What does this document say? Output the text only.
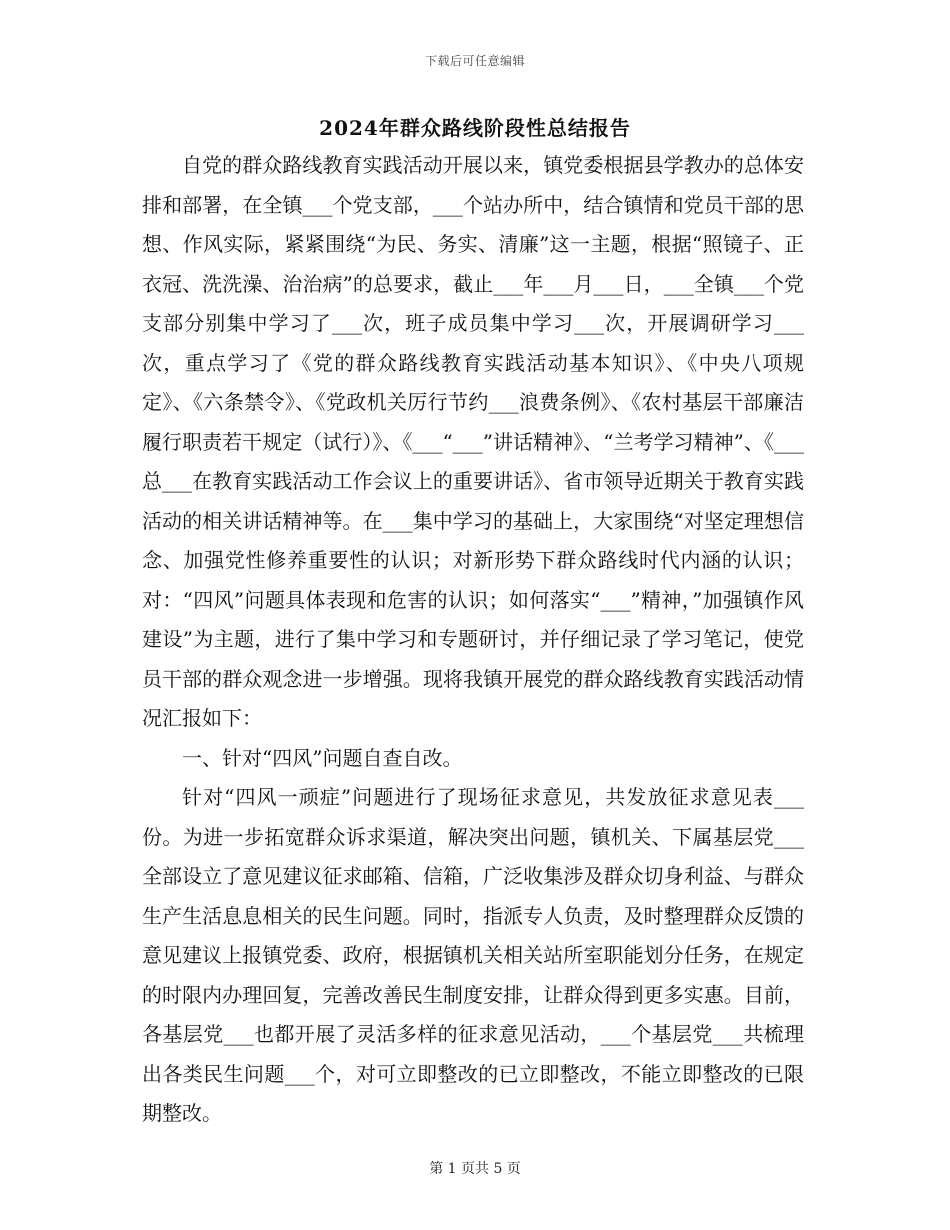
下载后可任意编辑
2024年群众路线阶段性总结报告

自党的群众路线教育实践活动开展以来，镇党委根据县学教办的总体安排和部署，在全镇___个党支部，___个站办所中，结合镇情和党员干部的思想、作风实际，紧紧围绕“为民、务实、清廉”这一主题，根据“照镜子、正衣冠、洗洗澡、治治病”的总要求，截止___年___月___日，___全镇___个党支部分别集中学习了___次，班子成员集中学习___次，开展调研学习___次，重点学习了《党的群众路线教育实践活动基本知识》、《中央八项规定》、《六条禁令》、《党政机关厉行节约___浪费条例》、《农村基层干部廉洁履行职责若干规定（试行）》、《___“___”讲话精神》、“兰考学习精神”、《___总___在教育实践活动工作会议上的重要讲话》、省市领导近期关于教育实践活动的相关讲话精神等。在___集中学习的基础上，大家围绕“对坚定理想信念、加强党性修养重要性的认识；对新形势下群众路线时代内涵的认识；对：“四风”问题具体表现和危害的认识；如何落实“___”精神，”加强镇作风建设”为主题，进行了集中学习和专题研讨，并仔细记录了学习笔记，使党员干部的群众观念进一步增强。现将我镇开展党的群众路线教育实践活动情况汇报如下：

一、针对“四风”问题自查自改。

针对“四风一顽症”问题进行了现场征求意见，共发放征求意见表___份。为进一步拓宽群众诉求渠道，解决突出问题，镇机关、下属基层党___全部设立了意见建议征求邮箱、信箱，广泛收集涉及群众切身利益、与群众生产生活息息相关的民生问题。同时，指派专人负责，及时整理群众反馈的意见建议上报镇党委、政府，根据镇机关相关站所室职能划分任务，在规定的时限内办理回复，完善改善民生制度安排，让群众得到更多实惠。目前，各基层党___也都开展了灵活多样的征求意见活动，___个基层党___共梳理出各类民生问题___个，对可立即整改的已立即整改，不能立即整改的已限期整改。

第 1 页共 5 页
